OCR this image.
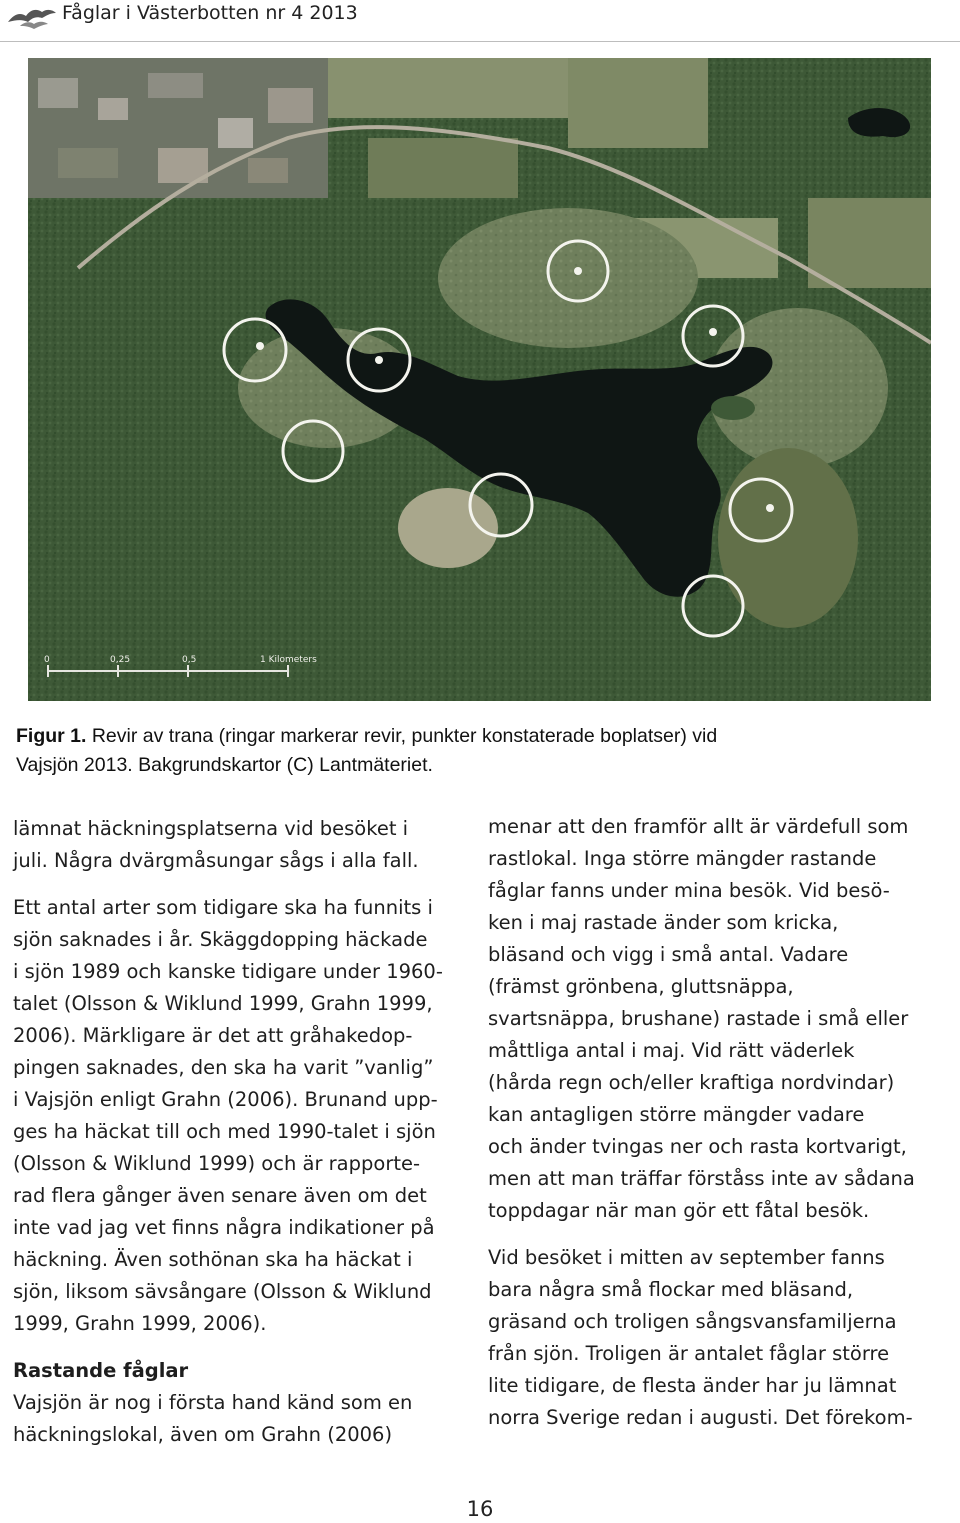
Fåglar i Västerbotten nr 4 2013
0	0,25	0,5	1 Kilometers
Figur 1. Revir av trana (ringar markerar revir, punkter konstaterade boplatser) vid
Vajsjön 2013. Bakgrundskartor (C) Lantmäteriet.

lämnat häckningsplatserna vid besöket i

juli. Några dvärgmåsungar sågs i alla fall.

Ett antal arter som tidigare ska ha funnits i

sjön saknades i år. Skäggdopping häckade

i sjön 1989 och kanske tidigare under 1960-

talet (Olsson & Wiklund 1999, Grahn 1999,

2006). Märkligare är det att gråhakedop-

pingen saknades, den ska ha varit ”vanlig”

i Vajsjön enligt Grahn (2006). Brunand upp-

ges ha häckat till och med 1990-talet i sjön

(Olsson & Wiklund 1999) och är rapporte-

rad flera gånger även senare även om det

inte vad jag vet finns några indikationer på

häckning. Även sothönan ska ha häckat i

sjön, liksom sävsångare (Olsson & Wiklund

1999, Grahn 1999, 2006).

Rastande fåglar

Vajsjön är nog i första hand känd som en

häckningslokal, även om Grahn (2006)

menar att den framför allt är värdefull som

rastlokal. Inga större mängder rastande

fåglar fanns under mina besök. Vid besö-

ken i maj rastade änder som kricka,

bläsand och vigg i små antal. Vadare

(främst grönbena, gluttsnäppa,

svartsnäppa, brushane) rastade i små eller

måttliga antal i maj. Vid rätt väderlek

(hårda regn och/eller kraftiga nordvindar)

kan antagligen större mängder vadare

och änder tvingas ner och rasta kortvarigt,

men att man träffar förståss inte av sådana

toppdagar när man gör ett fåtal besök.

Vid besöket i mitten av september fanns

bara några små flockar med bläsand,

gräsand och troligen sångsvansfamiljerna

från sjön. Troligen är antalet fåglar större

lite tidigare, de flesta änder har ju lämnat

norra Sverige redan i augusti. Det förekom-

16
